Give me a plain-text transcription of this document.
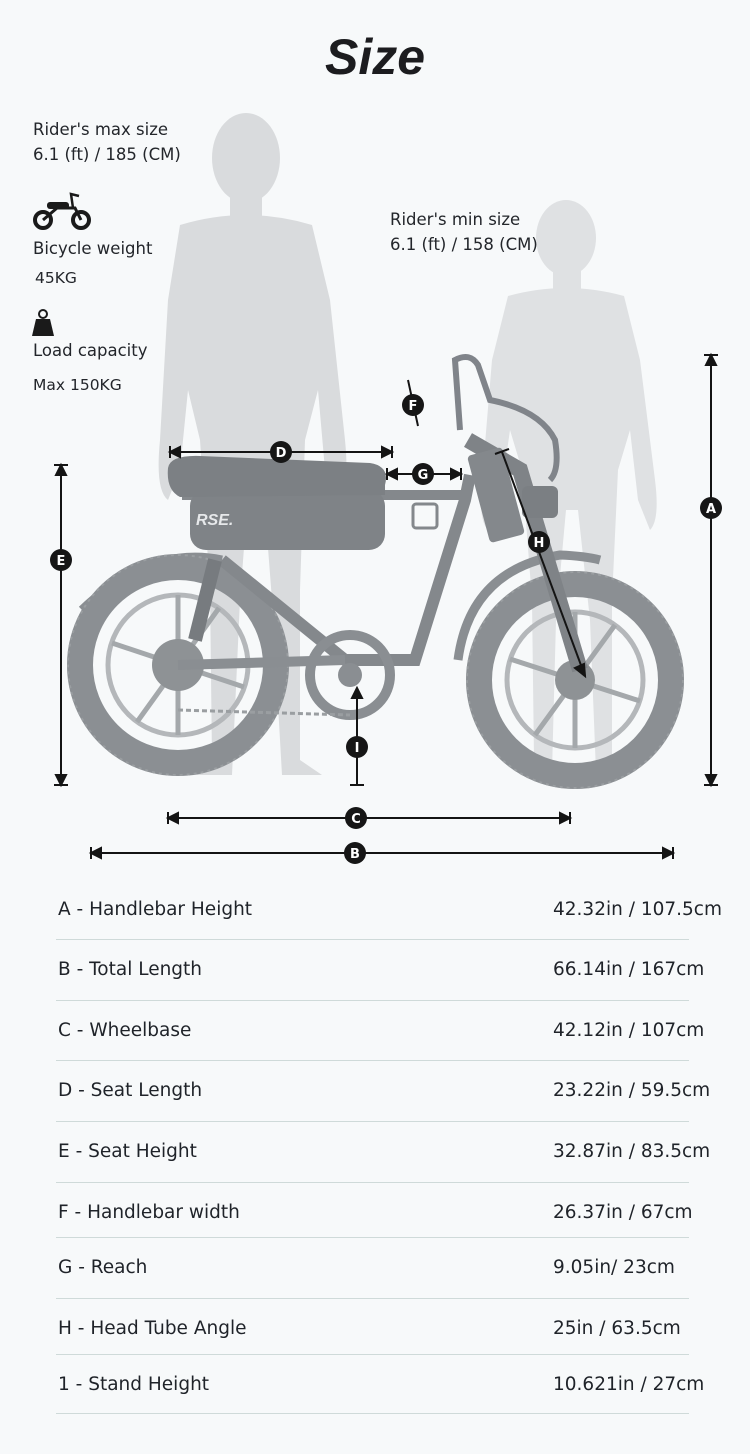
Size
RSE.
A
B
C
D
E
F
G
H
I
Rider's max size
6.1 (ft) / 185 (CM)
Bicycle weight
45KG
Load capacity
Max 150KG
Rider's min size
6.1 (ft) / 158 (CM)
A - Handlebar Height	42.32in / 107.5cm
B - Total Length	66.14in / 167cm
C - Wheelbase	42.12in / 107cm
D - Seat Length	23.22in / 59.5cm
E - Seat Height	32.87in / 83.5cm
F - Handlebar width	26.37in / 67cm
G - Reach	9.05in/ 23cm
H - Head Tube Angle	25in / 63.5cm
1 - Stand Height	10.621in / 27cm
